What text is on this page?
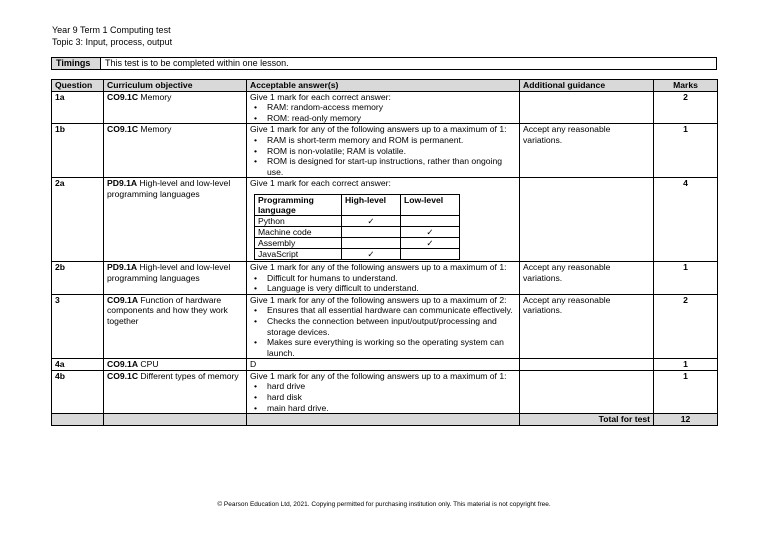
Year 9 Term 1 Computing test
Topic 3: Input, process, output
Timings	This test is to be completed within one lesson.
Question	Curriculum objective	Acceptable answer(s)	Additional guidance	Marks
1a	CO9.1C Memory	Give 1 mark for each correct answer:
• RAM: random-access memory
• ROM: read-only memory
		2
1b	CO9.1C Memory	Give 1 mark for any of the following answers up to a maximum of 1:
• RAM is short-term memory and ROM is permanent.
• ROM is non-volatile; RAM is volatile.
• ROM is designed for start-up instructions, rather than ongoing use.
	Accept any reasonable variations.	1
2a	PD9.1A High-level and low-level programming languages	
Give 1 mark for each correct answer:
Programming language	High-level	Low-level
Python	✓	
Machine code		✓
Assembly		✓
JavaScript	✓	
		4
2b	PD9.1A High-level and low-level programming languages	
Give 1 mark for any of the following answers up to a maximum of 1:
• Difficult for humans to understand.
• Language is very difficult to understand.
	Accept any reasonable variations.	1
3	CO9.1A Function of hardware components and how they work together	
Give 1 mark for any of the following answers up to a maximum of 2:
• Ensures that all essential hardware can communicate effectively.
• Checks the connection between input/output/processing and storage devices.
• Makes sure everything is working so the operating system can launch.
	Accept any reasonable variations.	2
4a	CO9.1A CPU	D		1
4b	CO9.1C Different types of memory	Give 1 mark for any of the following answers up to a maximum of 1:
• hard drive
• hard disk
• main hard drive.
		1
			Total for test	12
© Pearson Education Ltd, 2021. Copying permitted for purchasing institution only. This material is not copyright free.
